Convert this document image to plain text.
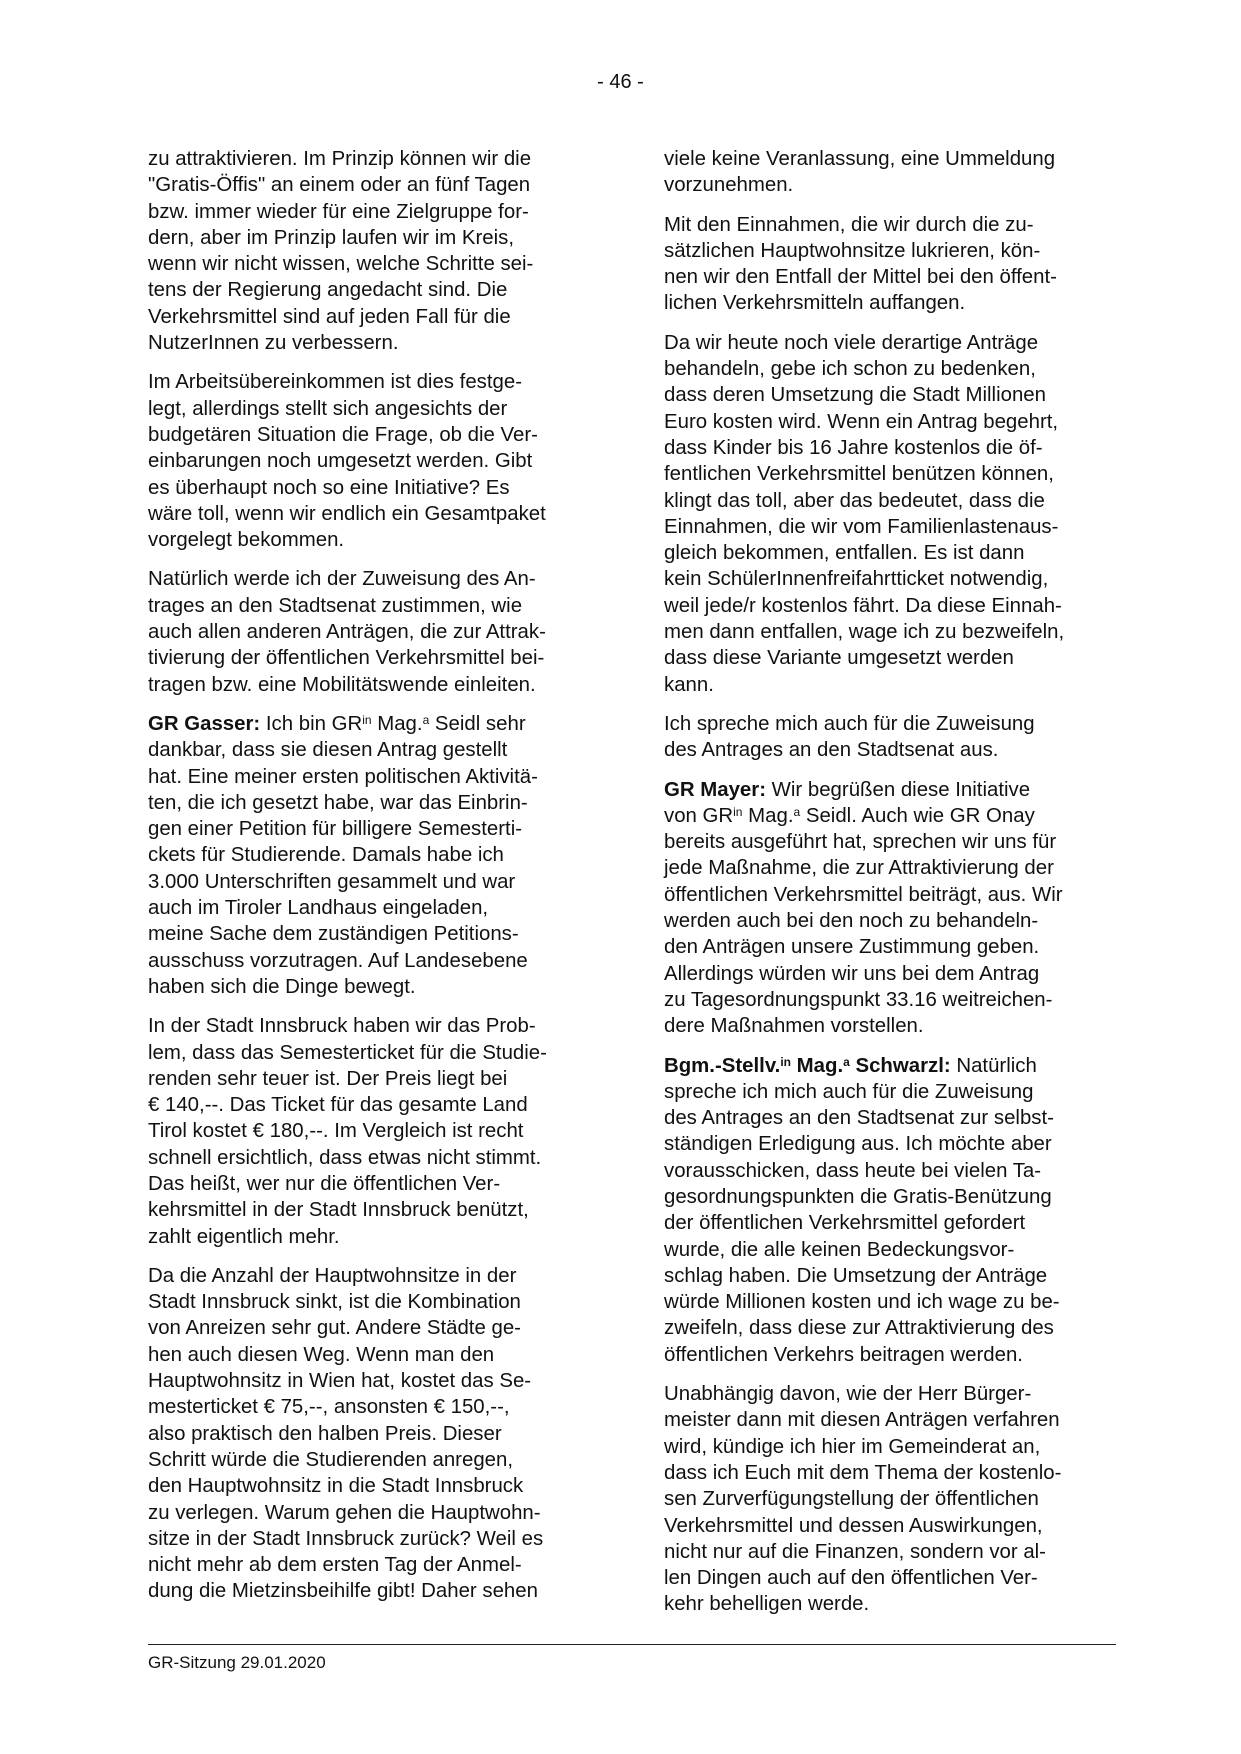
- 46 -

zu attraktivieren. Im Prinzip können wir die
"Gratis-Öffis" an einem oder an fünf Tagen
bzw. immer wieder für eine Zielgruppe for-
dern, aber im Prinzip laufen wir im Kreis,
wenn wir nicht wissen, welche Schritte sei-
tens der Regierung angedacht sind. Die
Verkehrsmittel sind auf jeden Fall für die
NutzerInnen zu verbessern.

Im Arbeitsübereinkommen ist dies festge-
legt, allerdings stellt sich angesichts der
budgetären Situation die Frage, ob die Ver-
einbarungen noch umgesetzt werden. Gibt
es überhaupt noch so eine Initiative? Es
wäre toll, wenn wir endlich ein Gesamtpaket
vorgelegt bekommen.

Natürlich werde ich der Zuweisung des An-
trages an den Stadtsenat zustimmen, wie
auch allen anderen Anträgen, die zur Attrak-
tivierung der öffentlichen Verkehrsmittel bei-
tragen bzw. eine Mobilitätswende einleiten.

GR Gasser: Ich bin $GR^{in}$ Mag.$^a$ Seidl sehr
dankbar, dass sie diesen Antrag gestellt
hat. Eine meiner ersten politischen Aktivitä-
ten, die ich gesetzt habe, war das Einbrin-
gen einer Petition für billigere Semesterti-
ckets für Studierende. Damals habe ich
3.000 Unterschriften gesammelt und war
auch im Tiroler Landhaus eingeladen,
meine Sache dem zuständigen Petitions-
ausschuss vorzutragen. Auf Landesebene
haben sich die Dinge bewegt.

In der Stadt Innsbruck haben wir das Prob-
lem, dass das Semesterticket für die Studie-
renden sehr teuer ist. Der Preis liegt bei
€ 140,--. Das Ticket für das gesamte Land
Tirol kostet € 180,--. Im Vergleich ist recht
schnell ersichtlich, dass etwas nicht stimmt.
Das heißt, wer nur die öffentlichen Ver-
kehrsmittel in der Stadt Innsbruck benützt,
zahlt eigentlich mehr.

Da die Anzahl der Hauptwohnsitze in der
Stadt Innsbruck sinkt, ist die Kombination
von Anreizen sehr gut. Andere Städte ge-
hen auch diesen Weg. Wenn man den
Hauptwohnsitz in Wien hat, kostet das Se-
mesterticket € 75,--, ansonsten € 150,--,
also praktisch den halben Preis. Dieser
Schritt würde die Studierenden anregen,
den Hauptwohnsitz in die Stadt Innsbruck
zu verlegen. Warum gehen die Hauptwohn-
sitze in der Stadt Innsbruck zurück? Weil es
nicht mehr ab dem ersten Tag der Anmel-
dung die Mietzinsbeihilfe gibt! Daher sehen

viele keine Veranlassung, eine Ummeldung
vorzunehmen.

Mit den Einnahmen, die wir durch die zu-
sätzlichen Hauptwohnsitze lukrieren, kön-
nen wir den Entfall der Mittel bei den öffent-
lichen Verkehrsmitteln auffangen.

Da wir heute noch viele derartige Anträge
behandeln, gebe ich schon zu bedenken,
dass deren Umsetzung die Stadt Millionen
Euro kosten wird. Wenn ein Antrag begehrt,
dass Kinder bis 16 Jahre kostenlos die öf-
fentlichen Verkehrsmittel benützen können,
klingt das toll, aber das bedeutet, dass die
Einnahmen, die wir vom Familienlastenaus-
gleich bekommen, entfallen. Es ist dann
kein SchülerInnenfreifahrtticket notwendig,
weil jede/r kostenlos fährt. Da diese Einnah-
men dann entfallen, wage ich zu bezweifeln,
dass diese Variante umgesetzt werden
kann.

Ich spreche mich auch für die Zuweisung
des Antrages an den Stadtsenat aus.

GR Mayer: Wir begrüßen diese Initiative
von $GR^{in}$ Mag.$^a$ Seidl. Auch wie GR Onay
bereits ausgeführt hat, sprechen wir uns für
jede Maßnahme, die zur Attraktivierung der
öffentlichen Verkehrsmittel beiträgt, aus. Wir
werden auch bei den noch zu behandeln-
den Anträgen unsere Zustimmung geben.
Allerdings würden wir uns bei dem Antrag
zu Tagesordnungspunkt 33.16 weitreichen-
dere Maßnahmen vorstellen.

Bgm.-Stellv.$^{in}$ Mag.$^a$ Schwarzl: Natürlich
spreche ich mich auch für die Zuweisung
des Antrages an den Stadtsenat zur selbst-
ständigen Erledigung aus. Ich möchte aber
vorausschicken, dass heute bei vielen Ta-
gesordnungspunkten die Gratis-Benützung
der öffentlichen Verkehrsmittel gefordert
wurde, die alle keinen Bedeckungsvor-
schlag haben. Die Umsetzung der Anträge
würde Millionen kosten und ich wage zu be-
zweifeln, dass diese zur Attraktivierung des
öffentlichen Verkehrs beitragen werden.

Unabhängig davon, wie der Herr Bürger-
meister dann mit diesen Anträgen verfahren
wird, kündige ich hier im Gemeinderat an,
dass ich Euch mit dem Thema der kostenlo-
sen Zurverfügungstellung der öffentlichen
Verkehrsmittel und dessen Auswirkungen,
nicht nur auf die Finanzen, sondern vor al-
len Dingen auch auf den öffentlichen Ver-
kehr behelligen werde.

GR-Sitzung 29.01.2020
